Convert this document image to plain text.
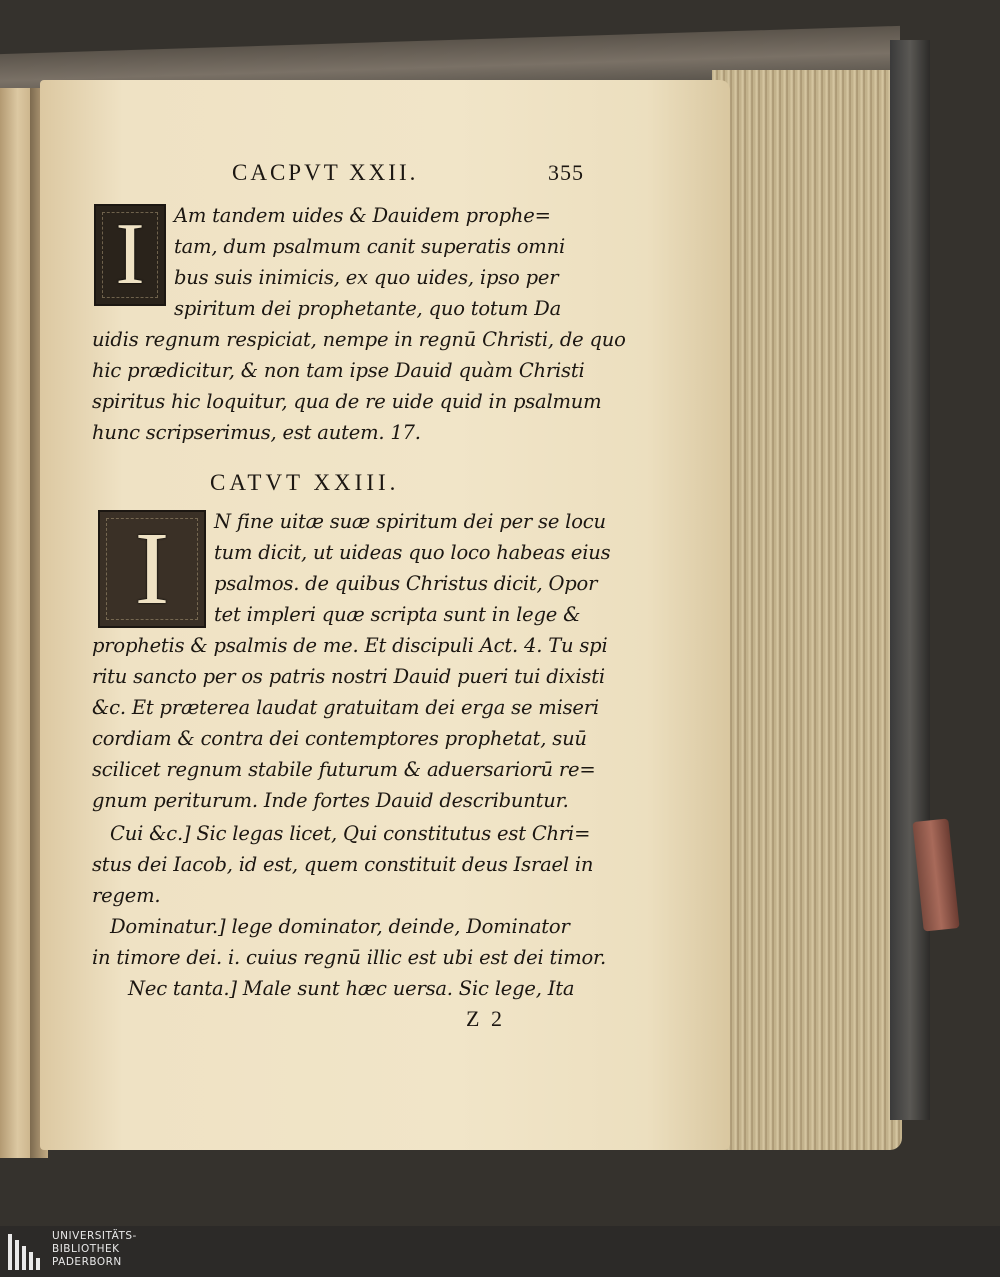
CACPVT XXII.	355
I	Am tandem uides & Dauidem prophe=
tam, dum psalmum canit superatis omni
bus suis inimicis, ex quo uides, ipso per
spiritum dei prophetante, quo totum Da
uidis regnum respiciat, nempe in regnū Christi, de quo
hic prædicitur, & non tam ipse Dauid quàm Christi
spiritus hic loquitur, qua de re uide quid in psalmum
hunc scripserimus, est autem. 17.
CATVT XXIII.
I	N fine uitæ suæ spiritum dei per se locu
tum dicit, ut uideas quo loco habeas eius
psalmos. de quibus Christus dicit, Opor
tet impleri quæ scripta sunt in lege &
prophetis & psalmis de me. Et discipuli Act. 4. Tu spi
ritu sancto per os patris nostri Dauid pueri tui dixisti
&c. Et præterea laudat gratuitam dei erga se miseri
cordiam & contra dei contemptores prophetat, suū
scilicet regnum stabile futurum & aduersariorū re=
gnum periturum. Inde fortes Dauid describuntur.
Cui &c.] Sic legas licet, Qui constitutus est Chri=
stus dei Iacob, id est, quem constituit deus Israel in
regem.
Dominatur.] lege dominator, deinde, Dominator
in timore dei. i. cuius regnū illic est ubi est dei timor.
Nec tanta.] Male sunt hæc uersa. Sic lege, Ita
Z 2
UNIVERSITÄTS-
BIBLIOTHEK
PADERBORN
